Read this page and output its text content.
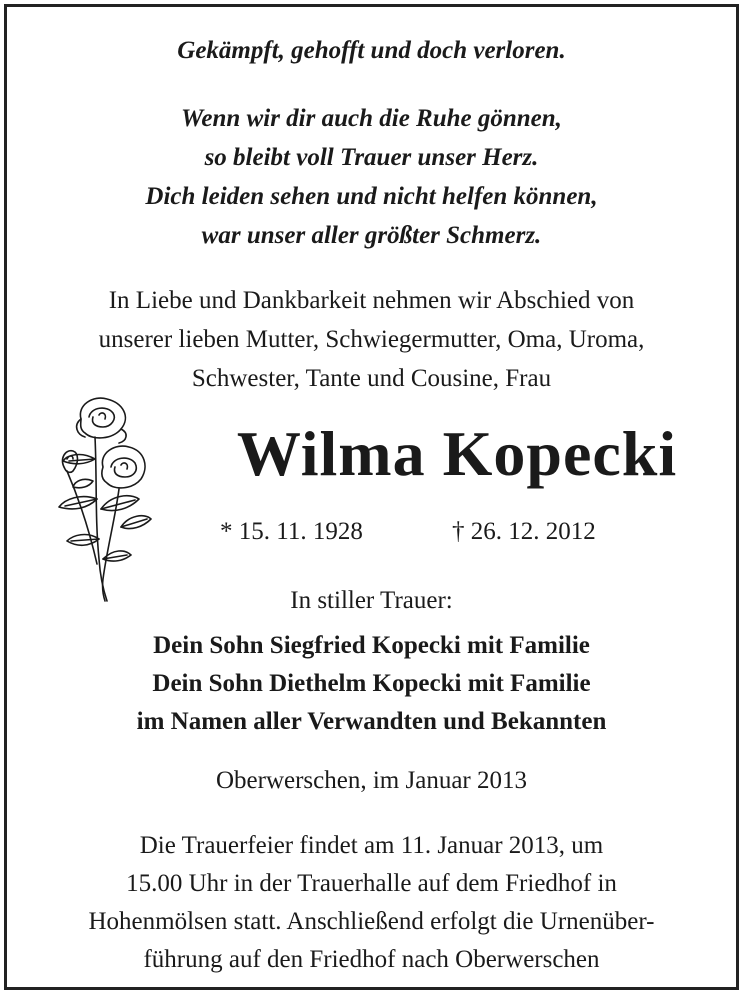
Gekämpft, gehofft und doch verloren.
Wenn wir dir auch die Ruhe gönnen,
so bleibt voll Trauer unser Herz.
Dich leiden sehen und nicht helfen können,
war unser aller größter Schmerz.
In Liebe und Dankbarkeit nehmen wir Abschied von
unserer lieben Mutter, Schwiegermutter, Oma, Uroma,
Schwester, Tante und Cousine, Frau
Wilma Kopecki
* 15. 11. 1928	† 26. 12. 2012
In stiller Trauer:
Dein Sohn Siegfried Kopecki mit Familie
Dein Sohn Diethelm Kopecki mit Familie
im Namen aller Verwandten und Bekannten
Oberwerschen, im Januar 2013
Die Trauerfeier findet am 11. Januar 2013, um
15.00 Uhr in der Trauerhalle auf dem Friedhof in
Hohenmölsen statt. Anschließend erfolgt die Urnenüber-
führung auf den Friedhof nach Oberwerschen
